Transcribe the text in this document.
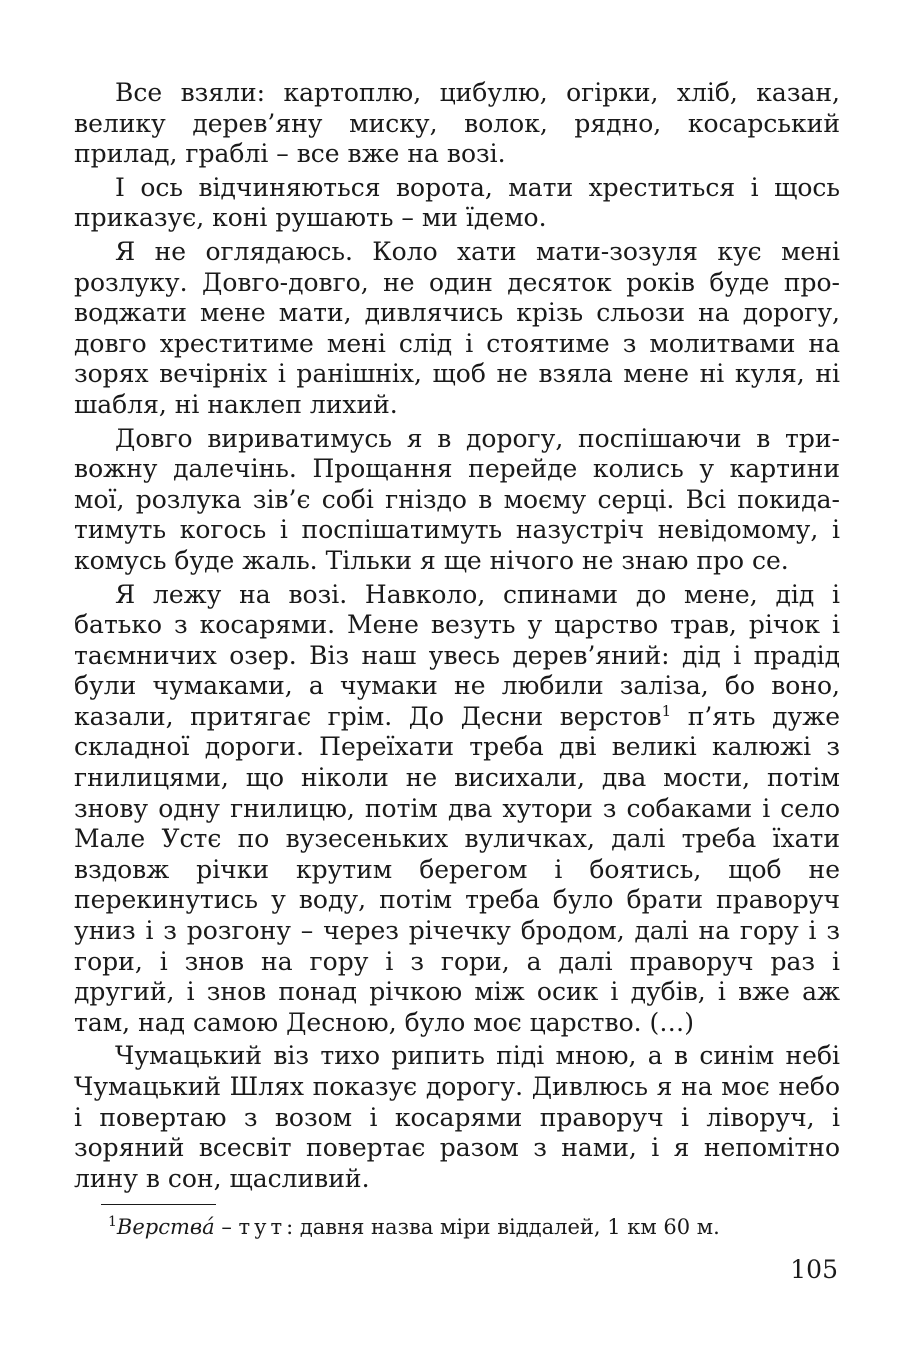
Все взяли: картоплю, цибулю, огірки, хліб, казан, велику дерев’яну миску, волок, рядно, косарський прилад, граблі – все вже на возі.

І ось відчиняються ворота, мати хреститься і щось приказує, коні рушають – ми їдемо.

Я не оглядаюсь. Коло хати мати-зозуля кує мені розлуку. Довго-довго, не один десяток років буде проводжати мене мати, дивлячись крізь сльози на дорогу, довго хреститиме мені слід і стоятиме з молитвами на зорях вечірніх і ранішніх, щоб не взяла мене ні куля, ні шабля, ні наклеп лихий.

Довго вириватимусь я в дорогу, поспішаючи в тривожну далечінь. Прощання перейде колись у картини мої, розлука зів’є собі гніздо в моєму серці. Всі покидатимуть когось і поспішатимуть назустріч невідомому, і комусь буде жаль. Тільки я ще нічого не знаю про се.

Я лежу на возі. Навколо, спинами до мене, дід і батько з косарями. Мене везуть у царство трав, річок і таємничих озер. Віз наш увесь дерев’яний: дід і прадід були чумаками, а чумаки не любили заліза, бо воно, казали, притягає грім. До Десни верстов$^1$ п’ять дуже складної дороги. Переїхати треба дві великі калюжі з гнилицями, що ніколи не висихали, два мости, потім знову одну гнилицю, потім два хутори з собаками і село Мале Устє по вузесеньких вуличках, далі треба їхати вздовж річки крутим берегом і боятись, щоб не перекинутись у воду, потім треба було брати праворуч униз і з розгону – через річечку бродом, далі на гору і з гори, і знов на гору і з гори, а далі праворуч раз і другий, і знов понад річкою між осик і дубів, і вже аж там, над самою Десною, було моє царство. (…)

Чумацький віз тихо рипить піді мною, а в синім небі Чумацький Шлях показує дорогу. Дивлюсь я на моє небо і повертаю з возом і косарями праворуч і ліворуч, і зоряний всесвіт повертає разом з нами, і я непомітно лину в сон, щасливий.

$^1$Верства́ – тут: давня назва міри віддалей, 1 км 60 м.

105
